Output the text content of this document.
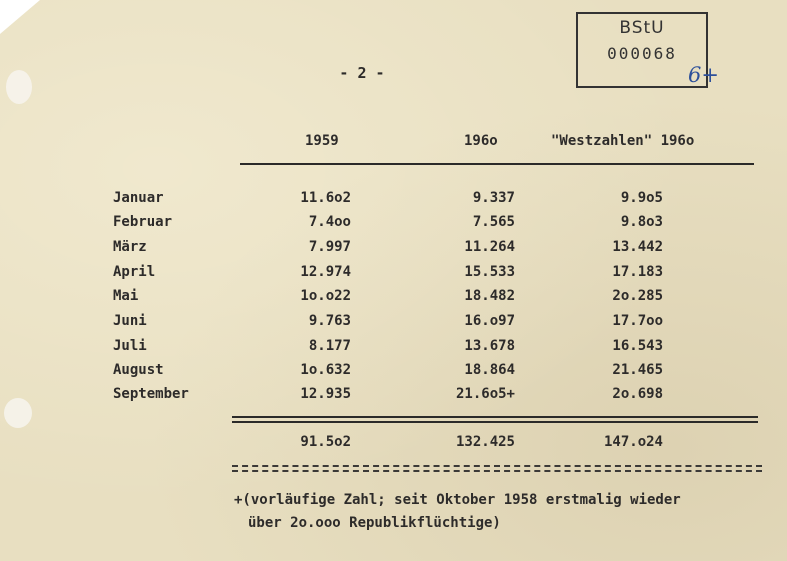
BStU
000068
6+
- 2 -
1959	196o	"Westzahlen" 196o
Januar	11.6o2	9.337	9.9o5
Februar	7.4oo	7.565	9.8o3
März	7.997	11.264	13.442
April	12.974	15.533	17.183
Mai	1o.o22	18.482	2o.285
Juni	9.763	16.o97	17.7oo
Juli	8.177	13.678	16.543
August	1o.632	18.864	21.465
September	12.935	21.6o5+	2o.698
91.5o2	132.425	147.o24
+(vorläufige Zahl; seit Oktober 1958 erstmalig wieder
über 2o.ooo Republikflüchtige)
